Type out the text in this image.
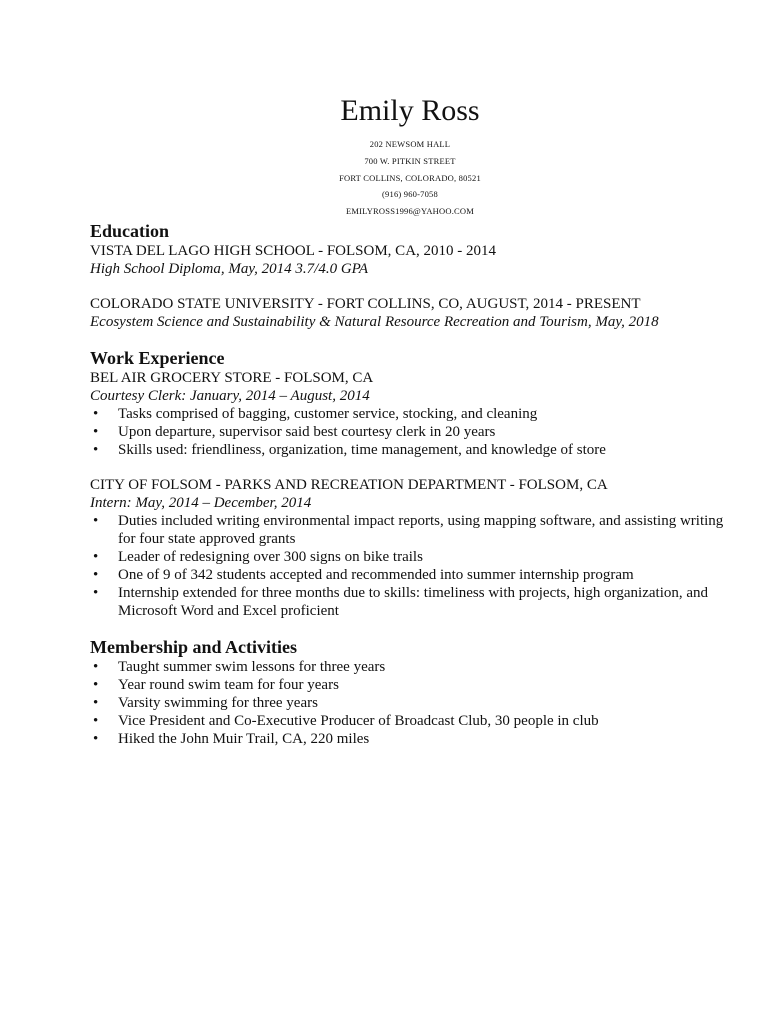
Emily Ross
202 NEWSOM HALL
700 W. PITKIN STREET
FORT COLLINS, COLORADO, 80521
(916) 960-7058
EMILYROSS1996@YAHOO.COM
Education
VISTA DEL LAGO HIGH SCHOOL - FOLSOM, CA, 2010 - 2014
High School Diploma, May, 2014 3.7/4.0 GPA
COLORADO STATE UNIVERSITY - FORT COLLINS, CO, AUGUST, 2014 - PRESENT
Ecosystem Science and Sustainability & Natural Resource Recreation and Tourism, May, 2018
Work Experience
BEL AIR GROCERY STORE - FOLSOM, CA
Courtesy Clerk: January, 2014 – August, 2014
• Tasks comprised of bagging, customer service, stocking, and cleaning
• Upon departure, supervisor said best courtesy clerk in 20 years
• Skills used: friendliness, organization, time management, and knowledge of store
CITY OF FOLSOM - PARKS AND RECREATION DEPARTMENT - FOLSOM, CA
Intern: May, 2014 – December, 2014
• Duties included writing environmental impact reports, using mapping software, and assisting writing for four state approved grants
• Leader of redesigning over 300 signs on bike trails
• One of 9 of 342 students accepted and recommended into summer internship program
• Internship extended for three months due to skills: timeliness with projects, high organization, and Microsoft Word and Excel proficient
Membership and Activities
• Taught summer swim lessons for three years
• Year round swim team for four years
• Varsity swimming for three years
• Vice President and Co-Executive Producer of Broadcast Club, 30 people in club
• Hiked the John Muir Trail, CA, 220 miles
